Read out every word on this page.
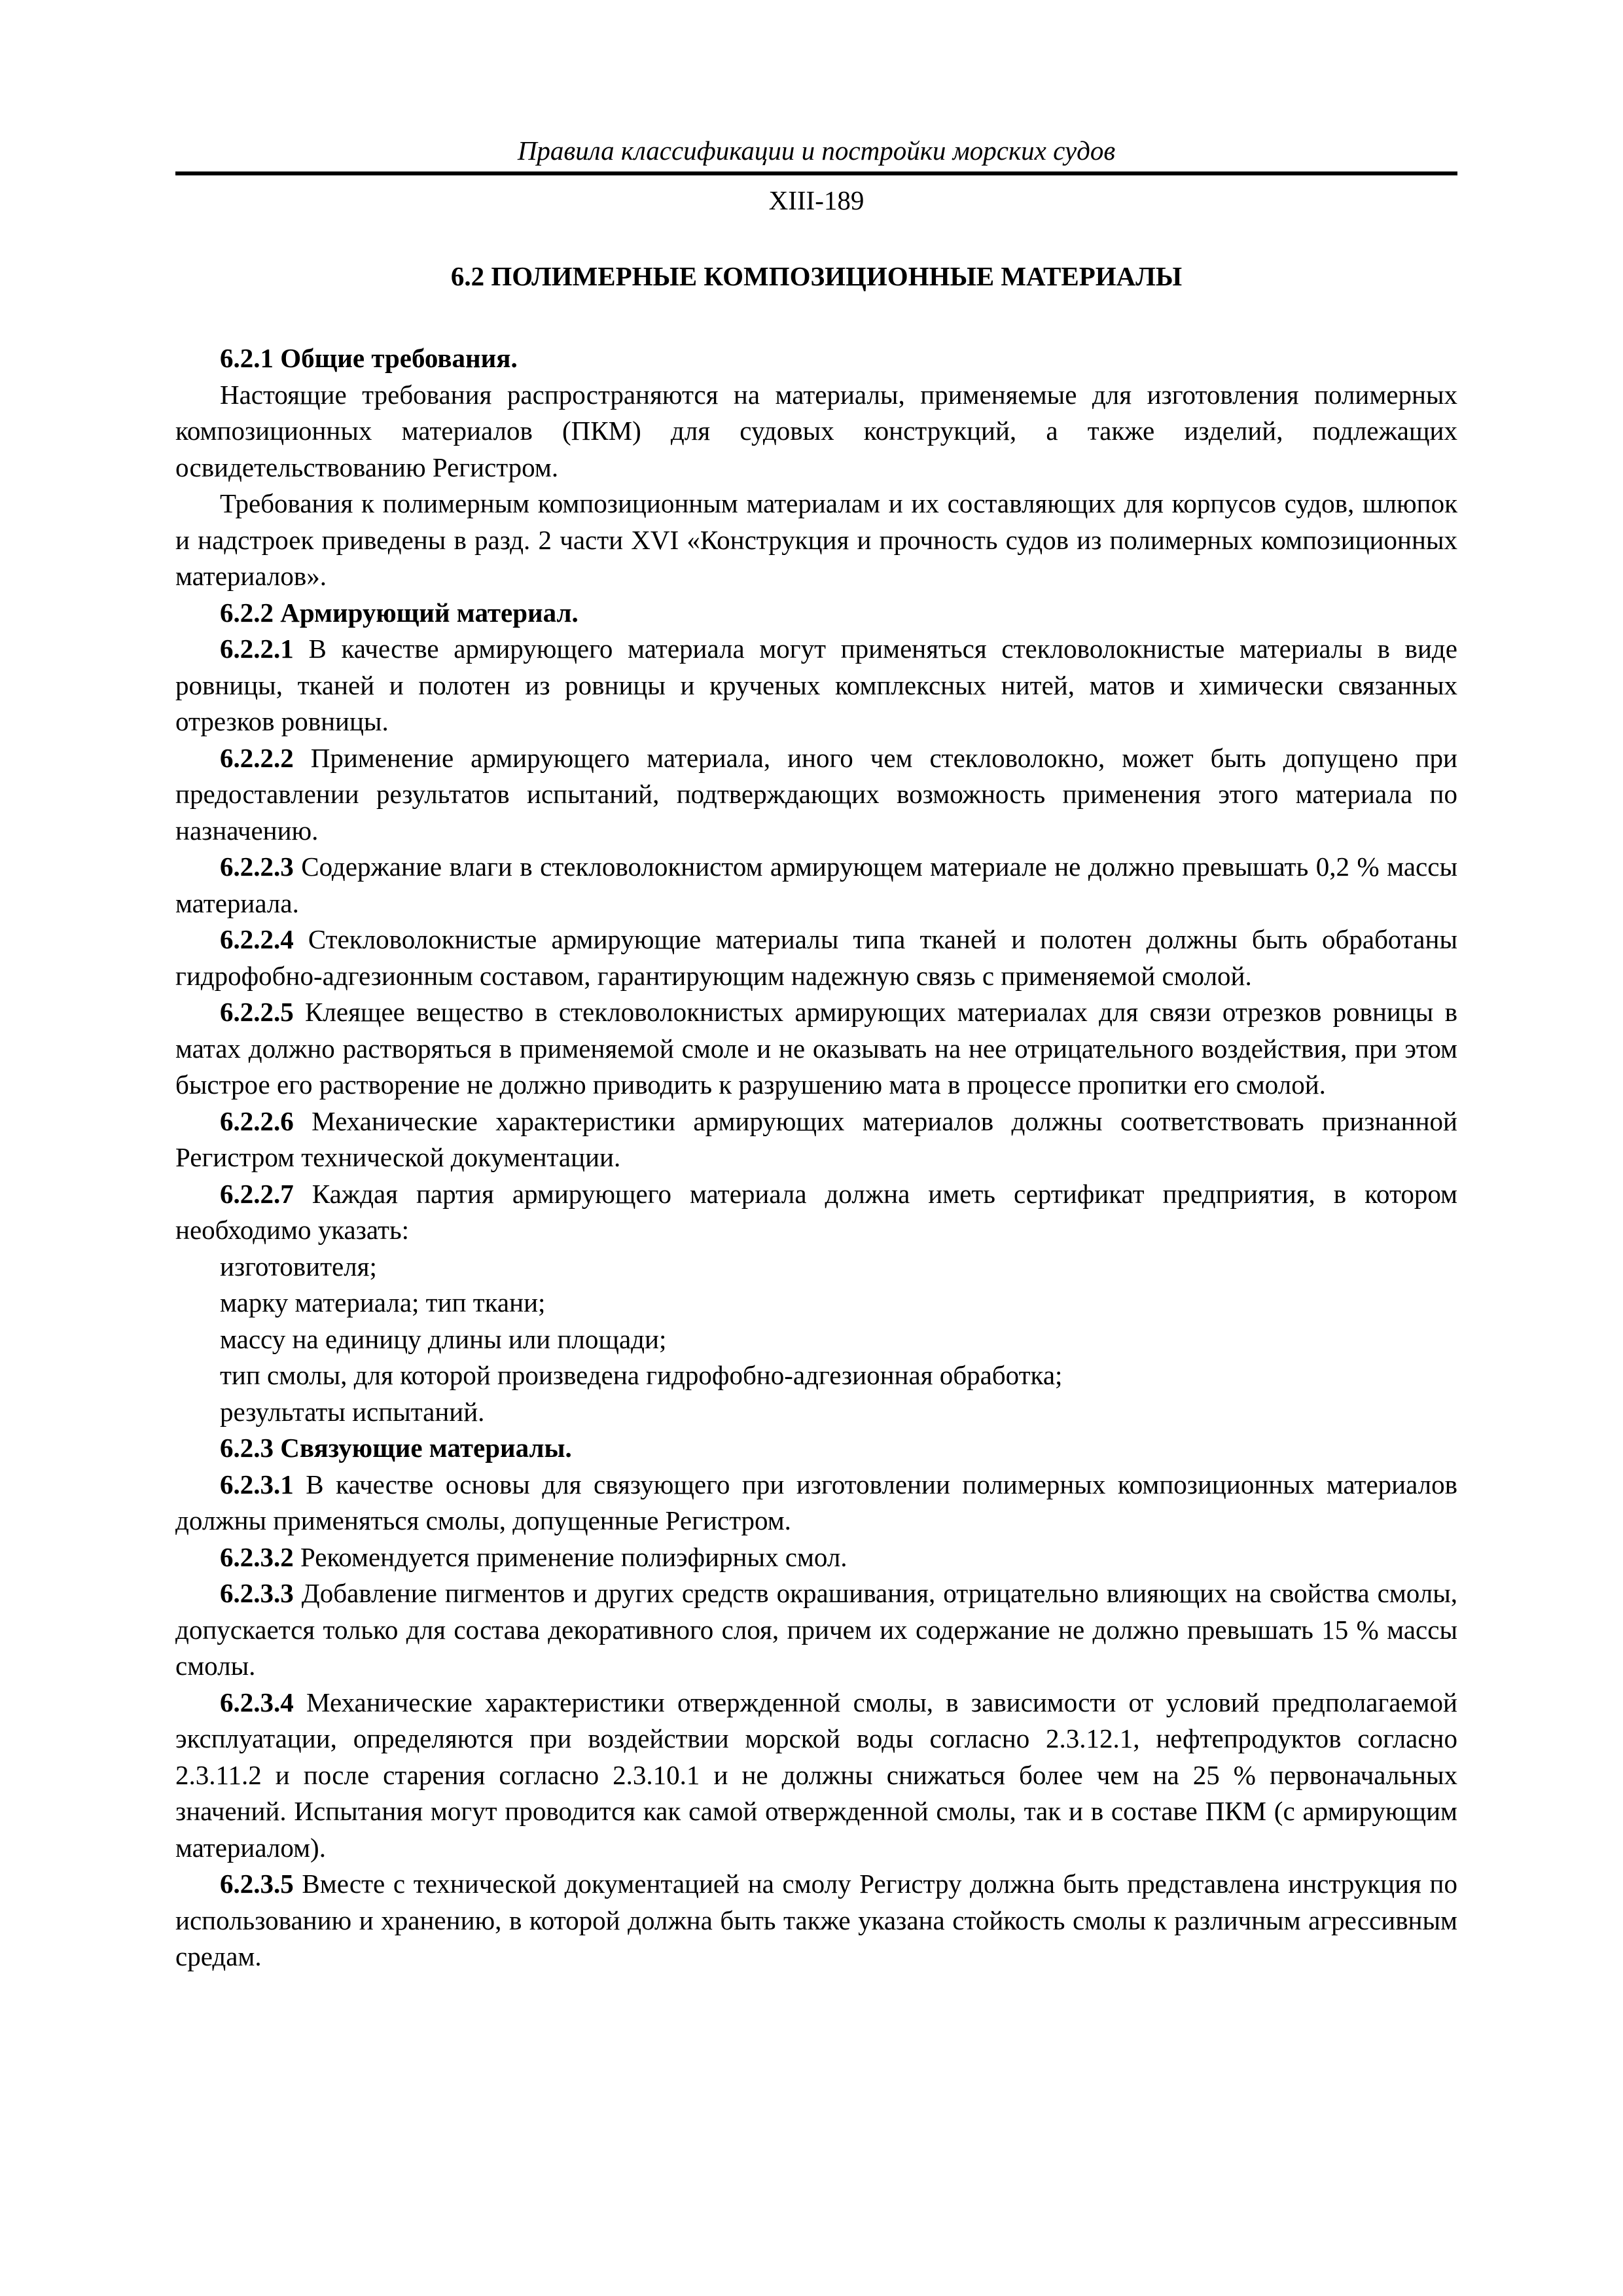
Правила классификации и постройки морских судов
XIII-189
6.2 ПОЛИМЕРНЫЕ КОМПОЗИЦИОННЫЕ МАТЕРИАЛЫ

6.2.1 Общие требования.

Настоящие требования распространяются на материалы, применяемые для изготовления полимерных композиционных материалов (ПКМ) для судовых конструкций, а также изделий, подлежащих освидетельствованию Регистром.

Требования к полимерным композиционным материалам и их составляющих для корпусов судов, шлюпок и надстроек приведены в разд. 2 части XVI «Конструкция и прочность судов из полимерных композиционных материалов».

6.2.2 Армирующий материал.

6.2.2.1 В качестве армирующего материала могут применяться стекловолокнистые материалы в виде ровницы, тканей и полотен из ровницы и крученых комплексных нитей, матов и химически связанных отрезков ровницы.

6.2.2.2 Применение армирующего материала, иного чем стекловолокно, может быть допущено при предоставлении результатов испытаний, подтверждающих возможность применения этого материала по назначению.

6.2.2.3 Содержание влаги в стекловолокнистом армирующем материале не должно превышать 0,2 % массы материала.

6.2.2.4 Стекловолокнистые армирующие материалы типа тканей и полотен должны быть обработаны гидрофобно-адгезионным составом, гарантирующим надежную связь с применяемой смолой.

6.2.2.5 Клеящее вещество в стекловолокнистых армирующих материалах для связи отрезков ровницы в матах должно растворяться в применяемой смоле и не оказывать на нее отрицательного воздействия, при этом быстрое его растворение не должно приводить к разрушению мата в процессе пропитки его смолой.

6.2.2.6 Механические характеристики армирующих материалов должны соответствовать признанной Регистром технической документации.

6.2.2.7 Каждая партия армирующего материала должна иметь сертификат предприятия, в котором необходимо указать:

изготовителя;

марку материала; тип ткани;

массу на единицу длины или площади;

тип смолы, для которой произведена гидрофобно-адгезионная обработка;

результаты испытаний.

6.2.3 Связующие материалы.

6.2.3.1 В качестве основы для связующего при изготовлении полимерных композиционных материалов должны применяться смолы, допущенные Регистром.

6.2.3.2 Рекомендуется применение полиэфирных смол.

6.2.3.3 Добавление пигментов и других средств окрашивания, отрицательно влияющих на свойства смолы, допускается только для состава декоративного слоя, причем их содержание не должно превышать 15 % массы смолы.

6.2.3.4 Механические характеристики отвержденной смолы, в зависимости от условий предполагаемой эксплуатации, определяются при воздействии морской воды согласно 2.3.12.1, нефтепродуктов согласно 2.3.11.2 и после старения согласно 2.3.10.1 и не должны снижаться более чем на 25 % первоначальных значений. Испытания могут проводится как самой отвержденной смолы, так и в составе ПКМ (с армирующим материалом).

6.2.3.5 Вместе с технической документацией на смолу Регистру должна быть представлена инструкция по использованию и хранению, в которой должна быть также указана стойкость смолы к различным агрессивным средам.
